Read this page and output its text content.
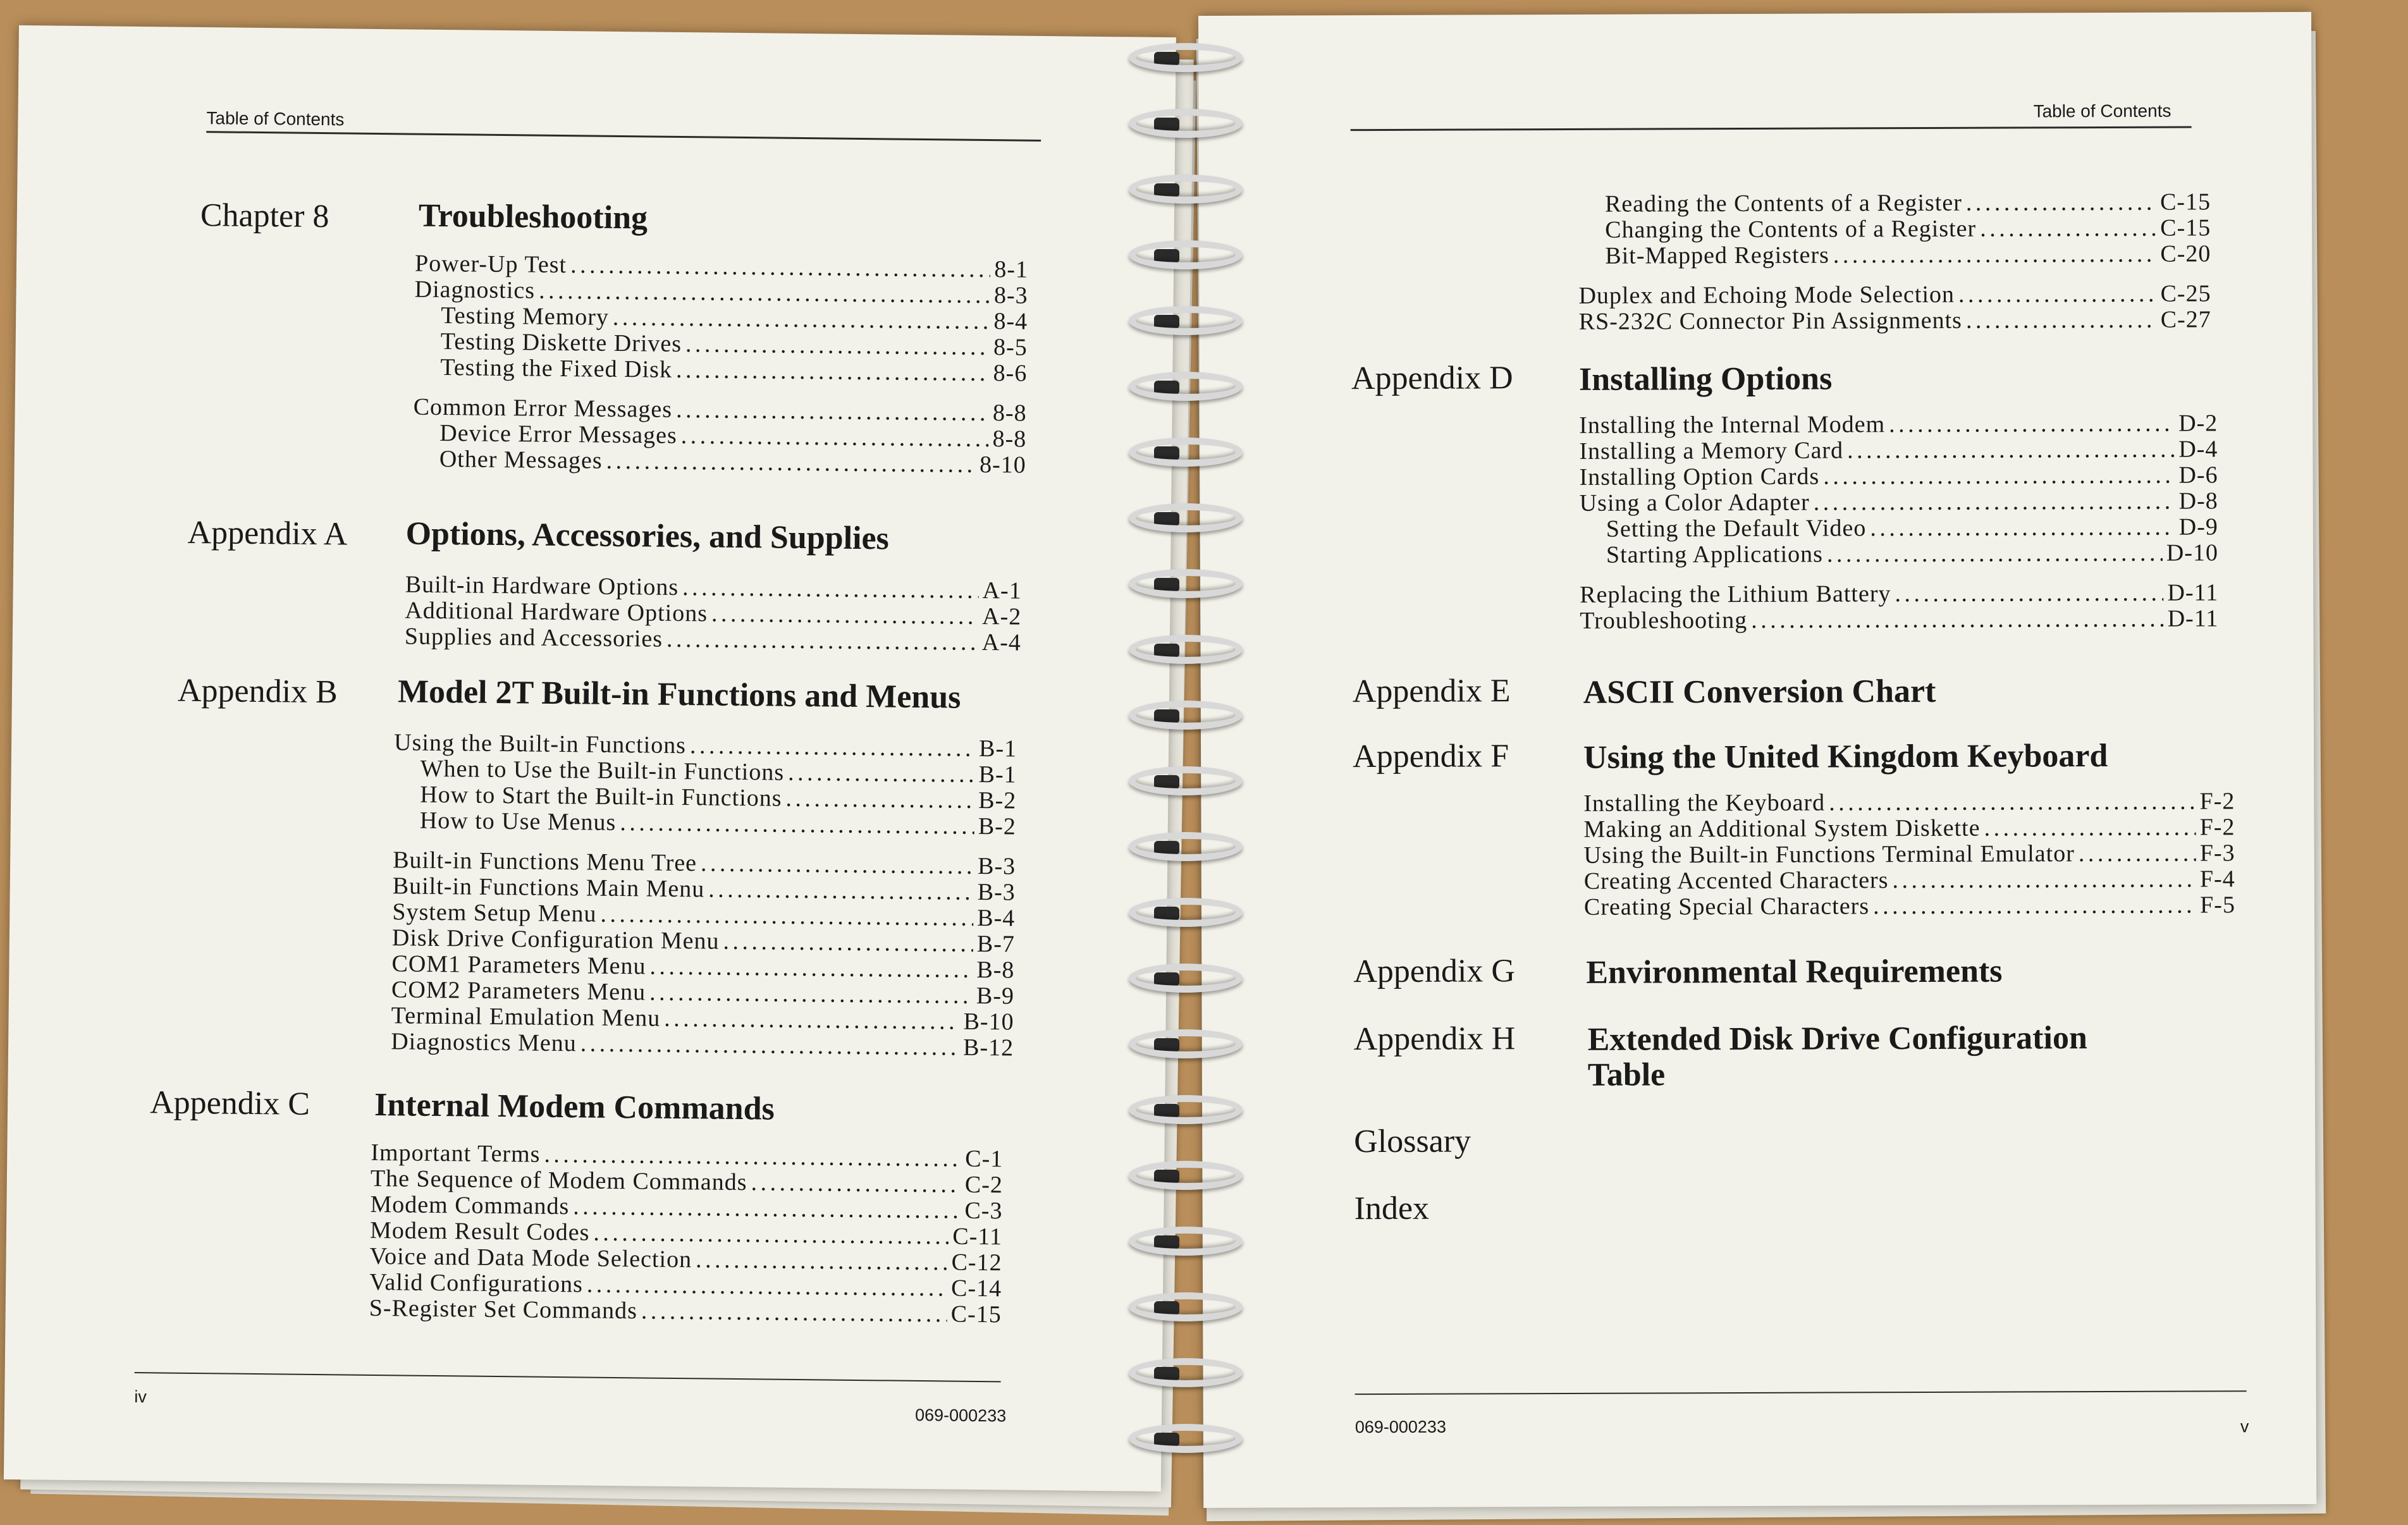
Table of Contents
Chapter 8	Troubleshooting
Power-Up Test . . .	8-1
Diagnostics . . .	8-3
Testing Memory . . .	8-4
Testing Diskette Drives . . .	8-5
Testing the Fixed Disk . . .	8-6
Common Error Messages . . .	8-8
Device Error Messages . . .	8-8
Other Messages . . .	8-10
Appendix A Options, Accessories, and Supplies
Built-in Hardware Options . . .	A-1
Additional Hardware Options . . .	A-2
Supplies and Accessories . . .	A-4
Appendix B Model 2T Built-in Functions and Menus
Using the Built-in Functions . . .	B-1
When to Use the Built-in Functions . . .	B-1
How to Start the Built-in Functions . . .	B-2
How to Use Menus . . .	B-2
Built-in Functions Menu Tree . . .	B-3
Built-in Functions Main Menu . . .	B-3
System Setup Menu . . .	B-4
Disk Drive Configuration Menu . . .	B-7
COM1 Parameters Menu . . .	B-8
COM2 Parameters Menu . . .	B-9
Terminal Emulation Menu . . .	B-10
Diagnostics Menu . . .	B-12
Appendix C Internal Modem Commands
Important Terms . . .	C-1
The Sequence of Modem Commands . . .	C-2
Modem Commands . . .	C-3
Modem Result Codes . . .	C-11
Voice and Data Mode Selection . . .	C-12
Valid Configurations . . .	C-14
S-Register Set Commands . . .	C-15
iv
069-000233
Table of Contents
Reading the Contents of a Register . . .	C-15
Changing the Contents of a Register . . .	C-15
Bit-Mapped Registers . . .	C-20
Duplex and Echoing Mode Selection . . .	C-25
RS-232C Connector Pin Assignments . . .	C-27
Appendix D Installing Options
Installing the Internal Modem . . .	D-2
Installing a Memory Card . . .	D-4
Installing Option Cards . . .	D-6
Using a Color Adapter . . .	D-8
Setting the Default Video . . .	D-9
Starting Applications . . .	D-10
Replacing the Lithium Battery . . .	D-11
Troubleshooting . . .	D-11
Appendix E ASCII Conversion Chart
Appendix F Using the United Kingdom Keyboard
Installing the Keyboard . . .	F-2
Making an Additional System Diskette . . .	F-2
Using the Built-in Functions Terminal Emulator . . .	F-3
Creating Accented Characters . . .	F-4
Creating Special Characters . . .	F-5
Appendix G Environmental Requirements
Appendix H Extended Disk Drive Configuration
Table
Glossary
Index
069-000233	v
